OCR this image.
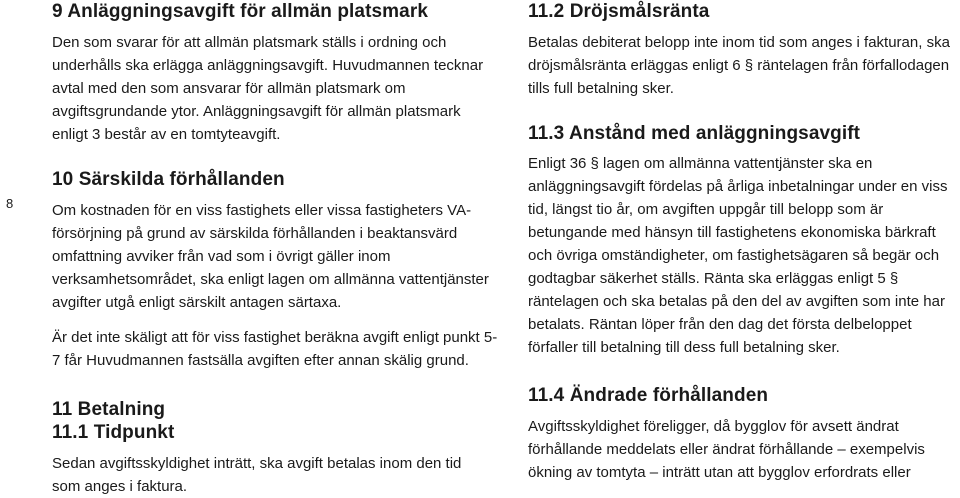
8
9 Anläggningsavgift för allmän platsmark

Den som svarar för att allmän platsmark ställs i ordning och underhålls ska erlägga anläggningsavgift. Huvudmannen tecknar avtal med den som ansvarar för allmän platsmark om avgiftsgrundande ytor. Anläggningsavgift för allmän platsmark enligt 3 består av en tomtyteavgift.

10 Särskilda förhållanden

Om kostnaden för en viss fastighets eller vissa fastigheters VA-försörjning på grund av särskilda förhållanden i beaktansvärd omfattning avviker från vad som i övrigt gäller inom verksamhetsområdet, ska enligt lagen om allmänna vattentjänster avgifter utgå enligt särskilt antagen särtaxa.

Är det inte skäligt att för viss fastighet beräkna avgift enligt punkt 5-7 får Huvudmannen fastsälla avgiften efter annan skälig grund.

11 Betalning
11.1 Tidpunkt

Sedan avgiftsskyldighet inträtt, ska avgift betalas inom den tid som anges i faktura.

11.2 Dröjsmålsränta

Betalas debiterat belopp inte inom tid som anges i fakturan, ska dröjsmålsränta erläggas enligt 6 § räntelagen från förfallodagen tills full betalning sker.

11.3 Anstånd med anläggningsavgift

Enligt 36 § lagen om allmänna vattentjänster ska en anläggningsavgift fördelas på årliga inbetalningar under en viss tid, längst tio år, om avgiften uppgår till belopp som är betungande med hänsyn till fastighetens ekonomiska bärkraft och övriga omständigheter, om fastighetsägaren så begär och godtagbar säkerhet ställs. Ränta ska erläggas enligt 5 § räntelagen och ska betalas på den del av avgiften som inte har betalats. Räntan löper från den dag det första delbeloppet förfaller till betalning till dess full betalning sker.

11.4 Ändrade förhållanden

Avgiftsskyldighet föreligger, då bygglov för avsett ändrat förhållande meddelats eller ändrat förhållande – exempelvis ökning av tomtyta – inträtt utan att bygglov erfordrats eller
